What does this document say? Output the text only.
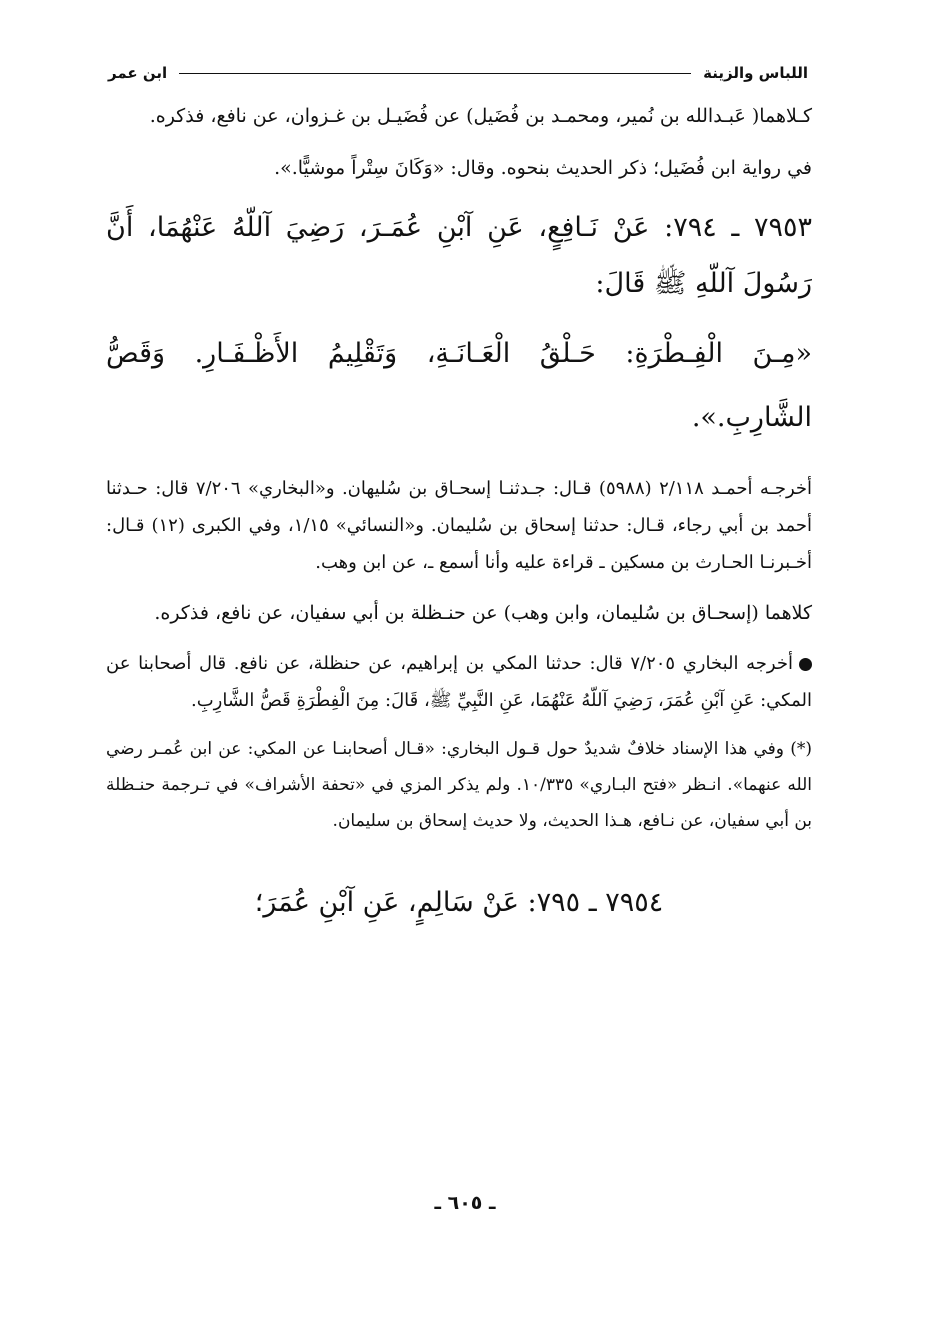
اللباس والزينة
ابن عمر

كـلاهما( عَبـدالله بن نُمير، ومحمـد بن فُضَيل) عن فُضَيـل بن غـزوان، عن نافع، فذكره.

في رواية ابن فُضَيل؛ ذكر الحديث بنحوه. وقال: «وَكَانَ سِتْراً موشيًّا.».

٧٩٥٣ ـ ٧٩٤: عَنْ نَـافِعٍ، عَنِ آبْنِ عُمَـرَ، رَضِيَ آللّهُ عَنْهُمَا، أَنَّ رَسُولَ آللّهِ ﷺ قَالَ:

«مِـنَ الْفِـطْرَةِ: حَـلْقُ الْعَـانَـةِ، وَتَقْلِيمُ الأَظْـفَـارِ. وَقَصُّ الشَّارِبِ.».

أخرجـه أحمـد ٢/١١٨ (٥٩٨٨) قـال: جـدثنـا إسحـاق بن سُليهان. و«البخاري» ٧/٢٠٦ قال: حـدثنا أحمد بن أبي رجاء، قـال: حدثنا إسحاق بن سُليمان. و«النسائي» ١/١٥، وفي الكبرى (١٢) قـال: أخـبرنـا الحـارث بن مسكين ـ قراءة عليه وأنا أسمع ـ، عن ابن وهب.

كلاهما (إسحـاق بن سُليمان، وابن وهب) عن حنـظلة بن أبي سفيان، عن نافع، فذكره.

أخرجه البخاري ٧/٢٠٥ قال: حدثنا المكي بن إبراهيم، عن حنظلة، عن نافع. قال أصحابنا عن المكي: عَنِ آبْنِ عُمَرَ، رَضِيَ آللّهُ عَنْهُمَا، عَنِ النَّبِيِّ ﷺ، قَالَ: مِنَ الْفِطْرَةِ قَصُّ الشَّارِبِ.

(*) وفي هذا الإسناد خلافٌ شديدٌ حول قـول البخاري: «قـال أصحابنـا عن المكي: عن ابن عُمـر رضي الله عنهما». انـظر «فتح البـاري» ١٠/٣٣٥. ولم يذكر المزي في «تحفة الأشراف» في تـرجمة حنـظلة بن أبي سفيان، عن نـافع، هـذا الحديث، ولا حديث إسحاق بن سليمان.

٧٩٥٤ ـ ٧٩٥: عَنْ سَالِمٍ، عَنِ آبْنِ عُمَرَ؛

ـ ٦٠٥ ـ
